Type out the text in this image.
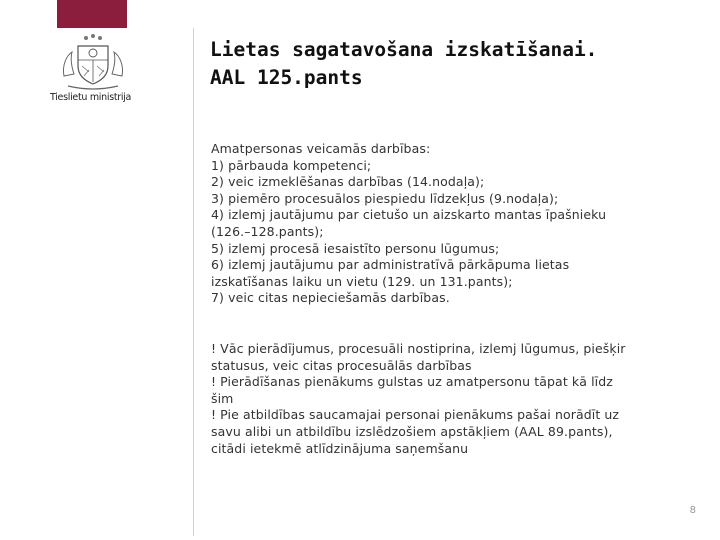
Tieslietu ministrija
Lietas sagatavošana izskatīšanai.
AAL 125.pants
Amatpersonas veicamās darbības:
1) pārbauda kompetenci;
2) veic izmeklēšanas darbības (14.nodaļa);
3) piemēro procesuālos piespiedu līdzekļus (9.nodaļa);
4) izlemj jautājumu par cietušo un aizskarto mantas īpašnieku
(126.–128.pants);
5) izlemj procesā iesaistīto personu lūgumus;
6) izlemj jautājumu par administratīvā pārkāpuma lietas
izskatīšanas laiku un vietu (129. un 131.pants);
7) veic citas nepieciešamās darbības.
! Vāc pierādījumus, procesuāli nostiprina, izlemj lūgumus, piešķir
statusus, veic citas procesuālās darbības
! Pierādīšanas pienākums gulstas uz amatpersonu tāpat kā līdz
šim
! Pie atbildības saucamajai personai pienākums pašai norādīt uz
savu alibi un atbildību izslēdzošiem apstākļiem (AAL 89.pants),
citādi ietekmē atlīdzinājuma saņemšanu
8
